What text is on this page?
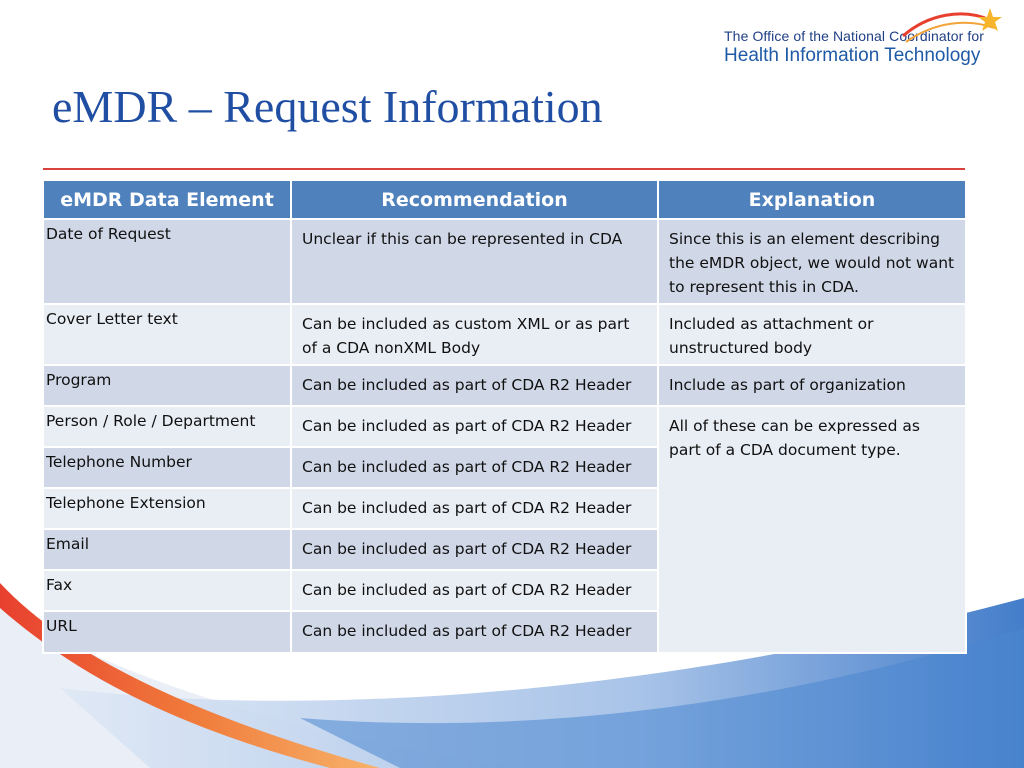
The Office of the National Coordinator for
Health Information Technology
eMDR – Request Information
eMDR Data Element	Recommendation	Explanation
Date of Request	Unclear if this can be represented in CDA	Since this is an element describing the eMDR object, we would not want to represent this in CDA.
Cover Letter text	Can be included as custom XML or as part of a CDA nonXML Body	Included as attachment or unstructured body
Program	Can be included as part of CDA R2 Header	Include as part of organization
Person / Role / Department	Can be included as part of CDA R2 Header	All of these can be expressed as part of a CDA document type.
Telephone Number	Can be included as part of CDA R2 Header	
Telephone Extension	Can be included as part of CDA R2 Header	
Email	Can be included as part of CDA R2 Header	
Fax	Can be included as part of CDA R2 Header	
URL	Can be included as part of CDA R2 Header	
